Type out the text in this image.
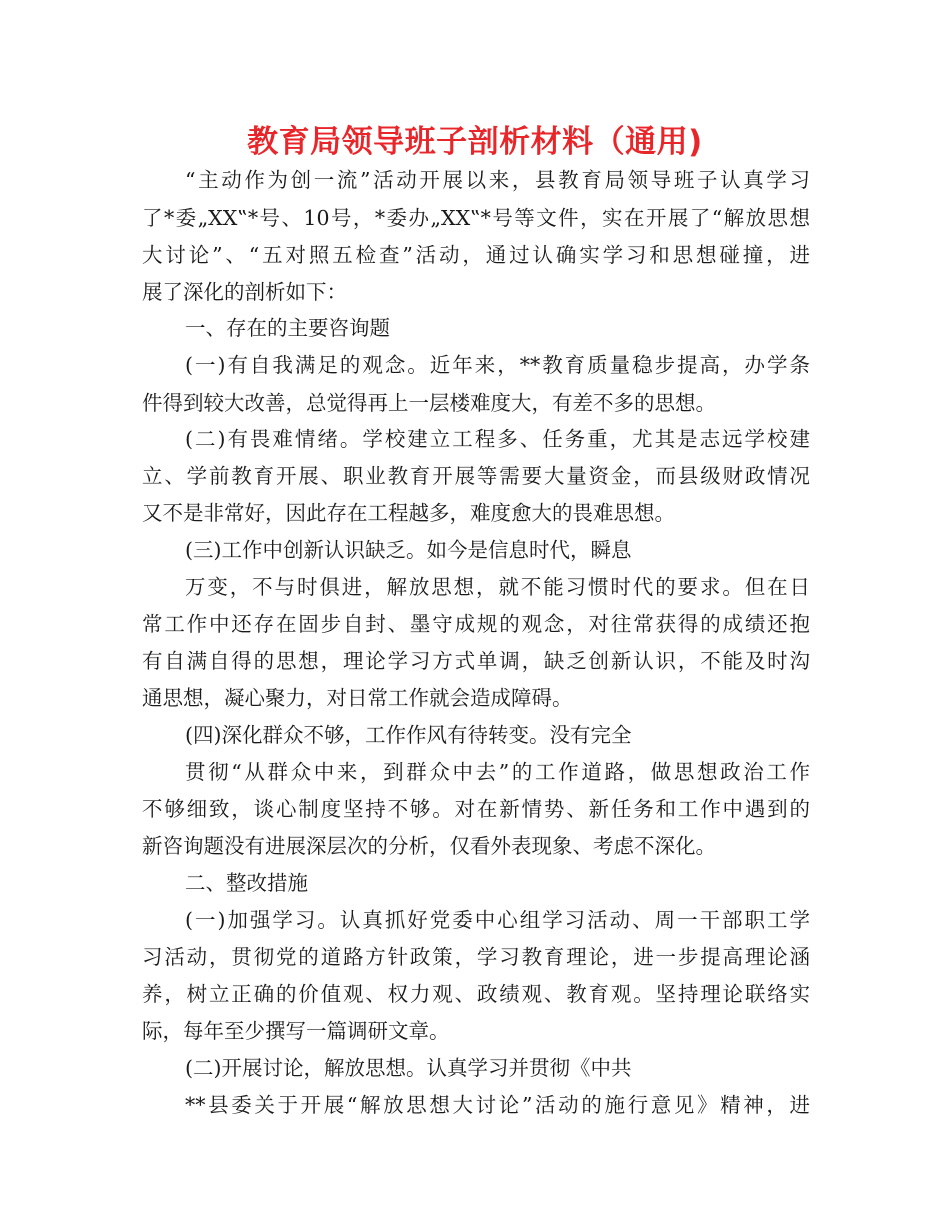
教育局领导班子剖析材料（通用)
“主动作为创一流”活动开展以来，县教育局领导班子认真学习
了*委„XX‟*号、10号，*委办„XX‟*号等文件，实在开展了“解放思想
大讨论”、“五对照五检查”活动，通过认确实学习和思想碰撞，进
展了深化的剖析如下：
一、存在的主要咨询题
(一)有自我满足的观念。近年来，**教育质量稳步提高，办学条
件得到较大改善，总觉得再上一层楼难度大，有差不多的思想。
(二)有畏难情绪。学校建立工程多、任务重，尤其是志远学校建
立、学前教育开展、职业教育开展等需要大量资金，而县级财政情况
又不是非常好，因此存在工程越多，难度愈大的畏难思想。
(三)工作中创新认识缺乏。如今是信息时代，瞬息
万变，不与时俱进，解放思想，就不能习惯时代的要求。但在日
常工作中还存在固步自封、墨守成规的观念，对往常获得的成绩还抱
有自满自得的思想，理论学习方式单调，缺乏创新认识，不能及时沟
通思想，凝心聚力，对日常工作就会造成障碍。
(四)深化群众不够，工作作风有待转变。没有完全
贯彻“从群众中来，到群众中去”的工作道路，做思想政治工作
不够细致，谈心制度坚持不够。对在新情势、新任务和工作中遇到的
新咨询题没有进展深层次的分析，仅看外表现象、考虑不深化。
二、整改措施
(一)加强学习。认真抓好党委中心组学习活动、周一干部职工学
习活动，贯彻党的道路方针政策，学习教育理论，进一步提高理论涵
养，树立正确的价值观、权力观、政绩观、教育观。坚持理论联络实
际，每年至少撰写一篇调研文章。
(二)开展讨论，解放思想。认真学习并贯彻《中共
**县委关于开展“解放思想大讨论”活动的施行意见》精神，进
